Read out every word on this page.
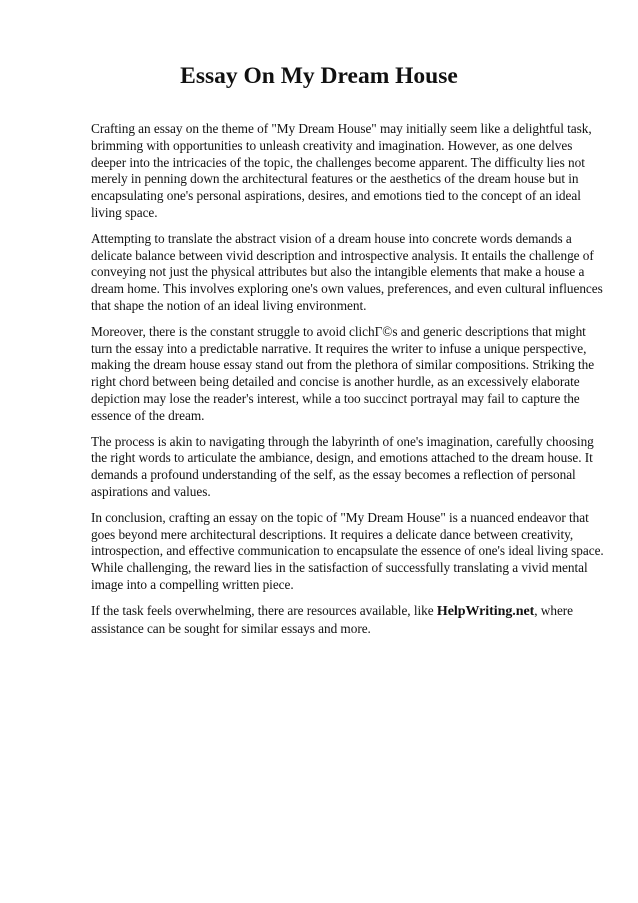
Essay On My Dream House

Crafting an essay on the theme of "My Dream House" may initially seem like a delightful task,
brimming with opportunities to unleash creativity and imagination. However, as one delves
deeper into the intricacies of the topic, the challenges become apparent. The difficulty lies not
merely in penning down the architectural features or the aesthetics of the dream house but in
encapsulating one's personal aspirations, desires, and emotions tied to the concept of an ideal
living space.

Attempting to translate the abstract vision of a dream house into concrete words demands a
delicate balance between vivid description and introspective analysis. It entails the challenge of
conveying not just the physical attributes but also the intangible elements that make a house a
dream home. This involves exploring one's own values, preferences, and even cultural influences
that shape the notion of an ideal living environment.

Moreover, there is the constant struggle to avoid clichГ©s and generic descriptions that might
turn the essay into a predictable narrative. It requires the writer to infuse a unique perspective,
making the dream house essay stand out from the plethora of similar compositions. Striking the
right chord between being detailed and concise is another hurdle, as an excessively elaborate
depiction may lose the reader's interest, while a too succinct portrayal may fail to capture the
essence of the dream.

The process is akin to navigating through the labyrinth of one's imagination, carefully choosing
the right words to articulate the ambiance, design, and emotions attached to the dream house. It
demands a profound understanding of the self, as the essay becomes a reflection of personal
aspirations and values.

In conclusion, crafting an essay on the topic of "My Dream House" is a nuanced endeavor that
goes beyond mere architectural descriptions. It requires a delicate dance between creativity,
introspection, and effective communication to encapsulate the essence of one's ideal living space.
While challenging, the reward lies in the satisfaction of successfully translating a vivid mental
image into a compelling written piece.

If the task feels overwhelming, there are resources available, like HelpWriting.net, where
assistance can be sought for similar essays and more.
